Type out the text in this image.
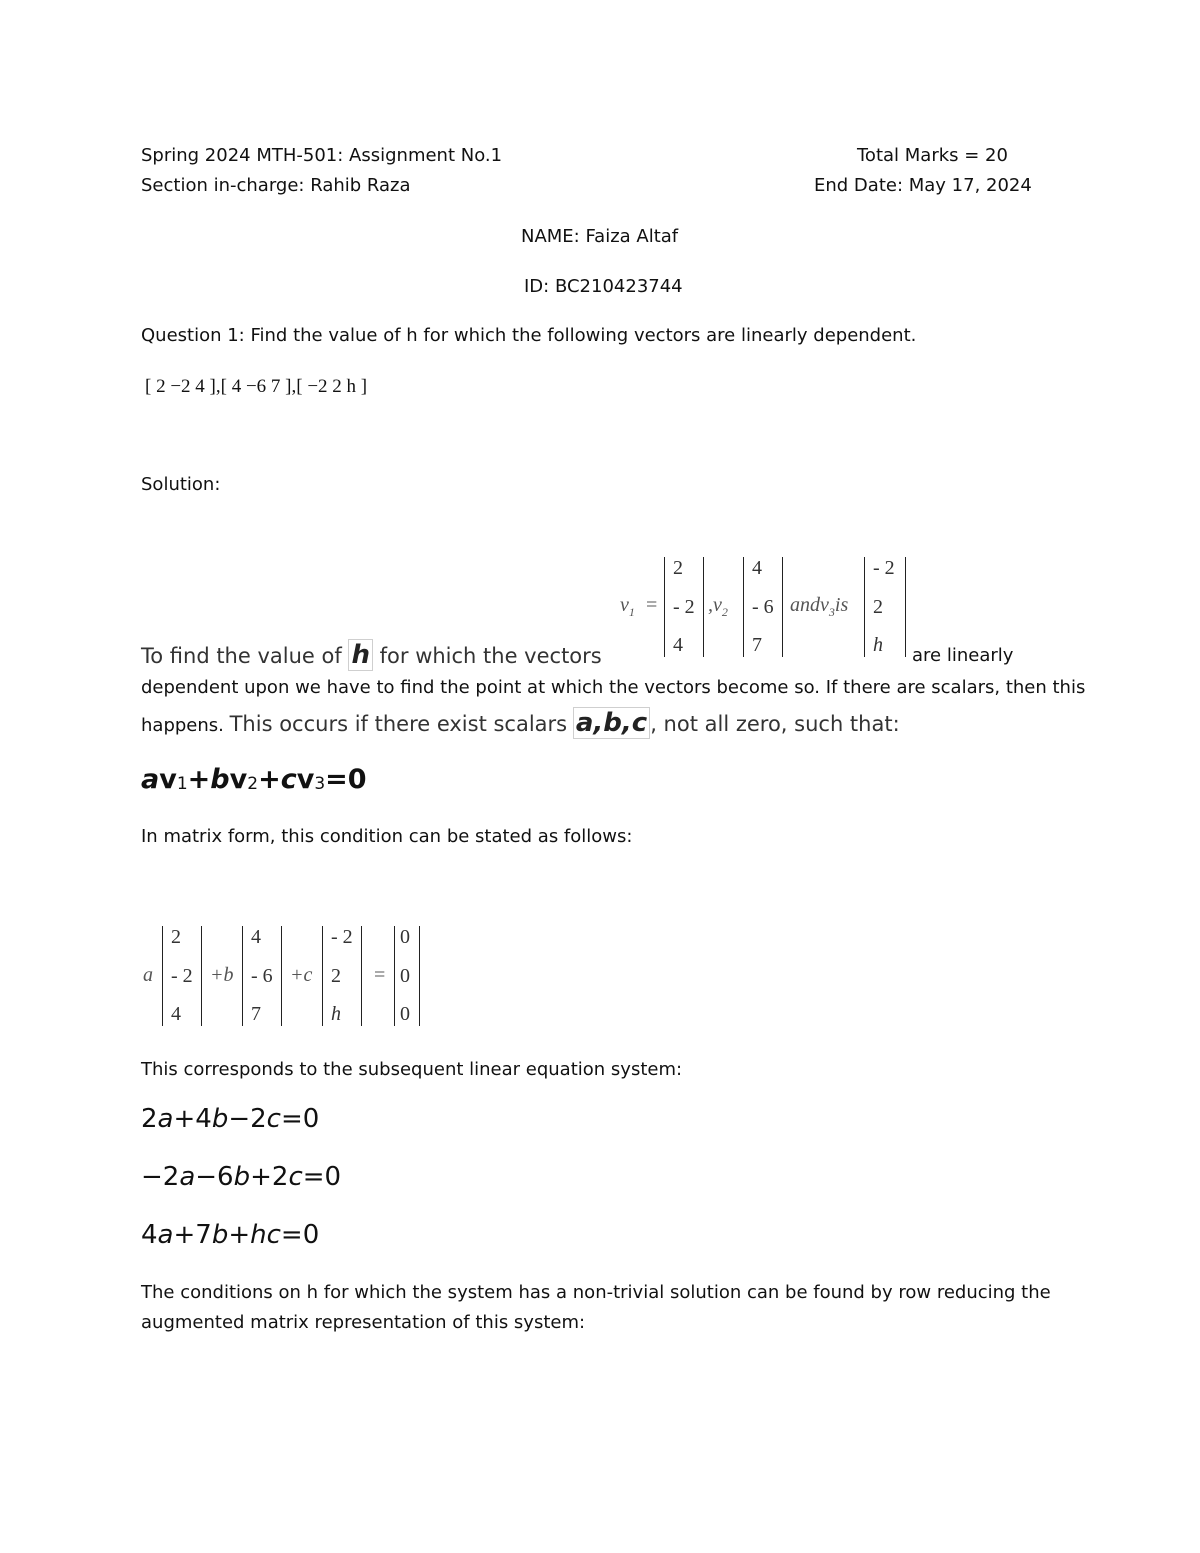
Spring 2024 MTH-501: Assignment No.1	Total Marks = 20
Section in-charge: Rahib Raza	End Date: May 17, 2024
NAME: Faiza Altaf
ID: BC210423744
Question 1: Find the value of h for which the following vectors are linearly dependent.
[ 2 −2 4 ],[ 4 −6 7 ],[ −2 2 h ]
Solution:
$v_1$ =
2
- 2
4
$,v_2$
4
- 6
7
andv$_3$is
- 2
2
h
To find the value of h for which the vectors	are linearly
dependent upon we have to find the point at which the vectors become so. If there are scalars, then this
happens. This occurs if there exist scalars a,b,c , not all zero, such that:
$av_1+bv_2+cv_3=0$
In matrix form, this condition can be stated as follows:
a
2
- 2
4
+b
4
- 6
7
+c
- 2
2
h
=
0
0
0
This corresponds to the subsequent linear equation system:
2a+4b−2c=0
−2a−6b+2c=0
4a+7b+hc=0
The conditions on h for which the system has a non-trivial solution can be found by row reducing the
augmented matrix representation of this system:
